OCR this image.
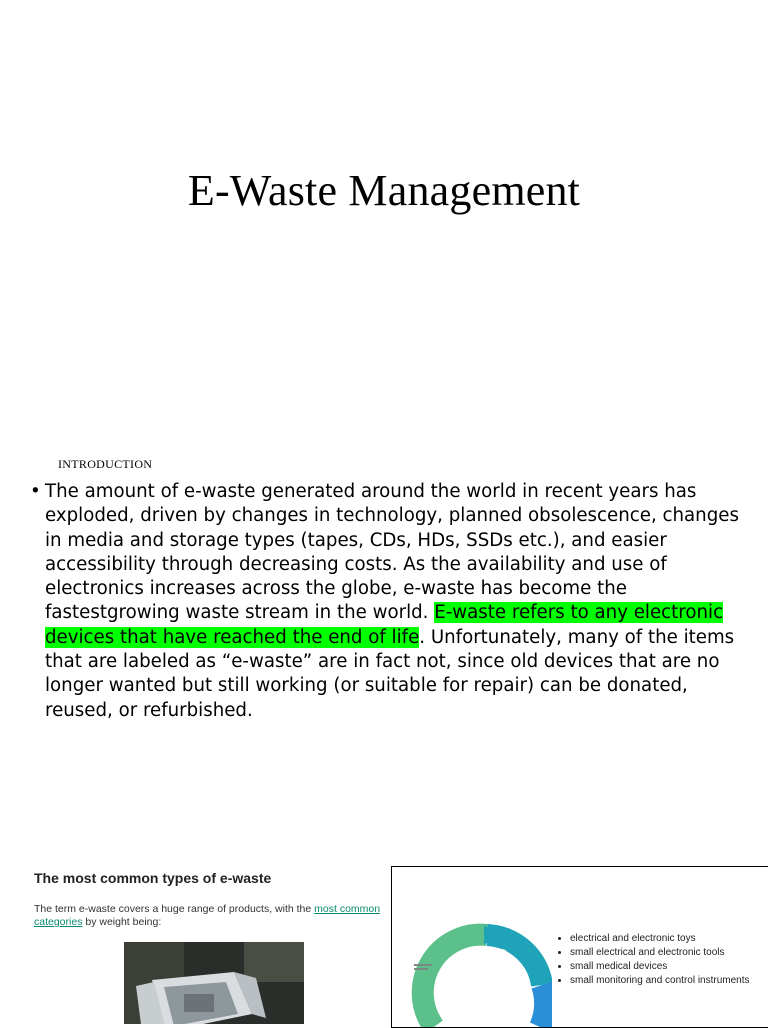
E-Waste Management
INTRODUCTION
• The amount of e-waste generated around the world in recent years has exploded, driven by changes in technology, planned obsolescence, changes in media and storage types (tapes, CDs, HDs, SSDs etc.), and easier accessibility through decreasing costs. As the availability and use of electronics increases across the globe, e-waste has become the fastestgrowing waste stream in the world. E-waste refers to any electronic devices that have reached the end of life. Unfortunately, many of the items that are labeled as “e-waste” are in fact not, since old devices that are no longer wanted but still working (or suitable for repair) can be donated, reused, or refurbished.
The most common types of e-waste
The term e-waste covers a huge range of products, with the most common categories by weight being:
• electrical and electronic toys
• small electrical and electronic tools
• small medical devices
• small monitoring and control instruments
